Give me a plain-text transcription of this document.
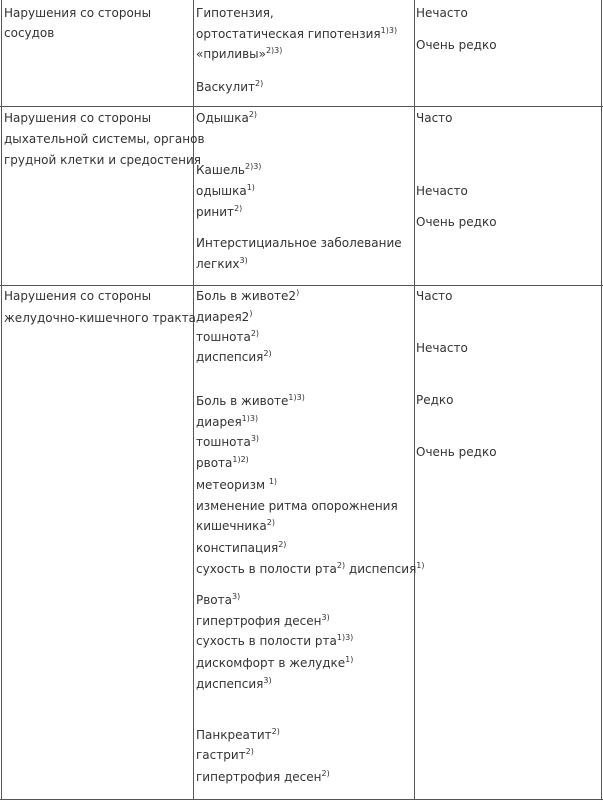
Нарушения со стороны
сосудов
Гипотензия,
ортостатическая гипотензия$^{1)3)}$
«приливы»$^{2)3)}$
Васкулит$^{2)}$
Нечасто
Очень редко
Нарушения со стороны
дыхательной системы, органов
грудной клетки и средостения
Одышка$^{2)}$
Кашель$^{2)3)}$
одышка$^{1)}$
ринит$^{2)}$
Интерстициальное заболевание
легких$^{3)}$
Часто
Нечасто
Очень редко
Нарушения со стороны
желудочно-кишечного тракта
Боль в животе2)
диарея2)
тошнота$^{2)}$
диспепсия$^{2)}$
Боль в животе$^{1)3)}$
диарея$^{1)3)}$
тошнота$^{3)}$
рвота$^{1)2)}$
метеоризм $^{1)}$
изменение ритма опорожнения
кишечника$^{2)}$
констипация$^{2)}$
сухость в полости рта$^{2)}$ диспепсия$^{1)}$
Рвота$^{3)}$
гипертрофия десен$^{3)}$
сухость в полости рта$^{1)3)}$
дискомфорт в желудке$^{1)}$
диспепсия$^{3)}$
Панкреатит$^{2)}$
гастрит$^{2)}$
гипертрофия десен$^{2)}$
Часто
Нечасто
Редко
Очень редко
